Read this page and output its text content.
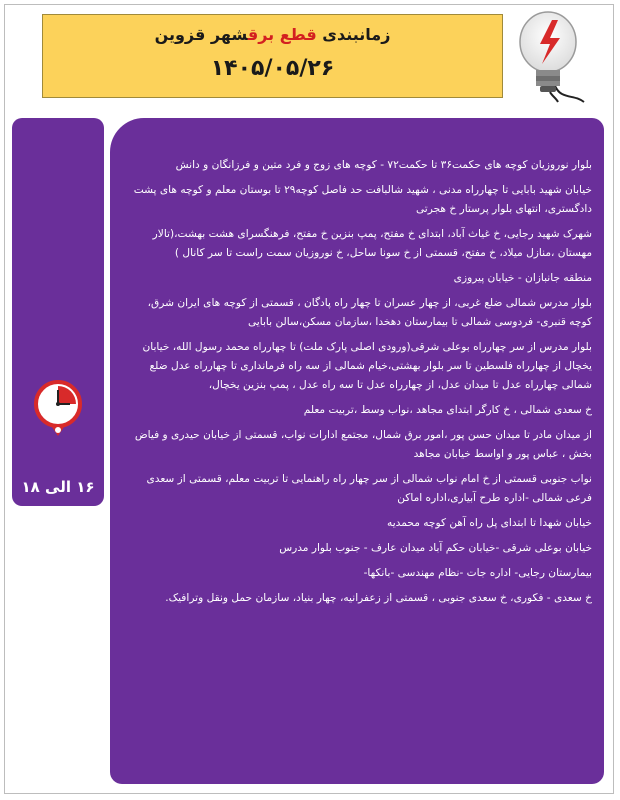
زمانبندی قطع برقشهر قزوین
۱۴۰۵/۰۵/۲۶
۱۶ الی ۱۸

بلوار نوروزیان کوچه های حکمت۳۶ تا حکمت۷۲ - کوچه های زوج و فرد متین و فرزانگان و دانش

خیابان شهید بابایی تا چهارراه مدنی ، شهید شالبافت حد فاصل کوچه۲۹ تا بوستان معلم و کوچه های پشت دادگستری، انتهای بلوار پرستار خ هجرتی

شهرک شهید رجایی، خ غیاث آباد، ابتدای خ مفتح، پمپ بنزین خ مفتح، فرهنگسرای هشت بهشت،(تالار مهستان ،منازل میلاد، خ مفتح، قسمتی از خ سونا ساحل، خ نوروزیان سمت راست تا سر کانال )

منطقه جانبازان - خیابان پیروزی

بلوار مدرس شمالی ضلع غربی، از چهار عسران تا چهار راه پادگان ، قسمتی از کوچه های ایران شرق، کوچه قنبری- فردوسی شمالی تا بیمارستان دهخدا ،سازمان مسکن،سالن بابایی

بلوار مدرس از سر چهارراه بوعلی شرقی(ورودی اصلی پارک ملت) تا چهارراه محمد رسول الله، خیابان یخچال از چهارراه فلسطین تا سر بلوار بهشتی،خیام شمالی از سه راه فرمانداری تا چهارراه عدل ضلع شمالی چهارراه عدل تا میدان عدل، از چهارراه عدل تا سه راه عدل ، پمپ بنزین یخچال،

خ سعدی شمالی ، خ کارگر ابتدای مجاهد ،نواب وسط ،تربیت معلم

از میدان مادر تا میدان حسن پور ،امور برق شمال، مجتمع ادارات نواب، قسمتی از خیابان حیدری و فیاض بخش ، عباس پور و اواسط خیابان مجاهد

نواب جنوبی قسمتی از خ امام نواب شمالی از سر چهار راه راهنمایی تا تربیت معلم، قسمتی از سعدی فرعی شمالی -اداره طرح آبیاری،اداره اماکن

خیابان شهدا تا ابتدای پل راه آهن کوچه محمدیه

خیابان بوعلی شرقی -خیابان حکم آباد میدان عارف - جنوب بلوار مدرس

بیمارستان رجایی- اداره جات -نظام مهندسی -بانکها-

خ سعدی - فکوری، خ سعدی جنوبی ، قسمتی از زعفرانیه، چهار بنیاد، سازمان حمل ونقل وترافیک.
